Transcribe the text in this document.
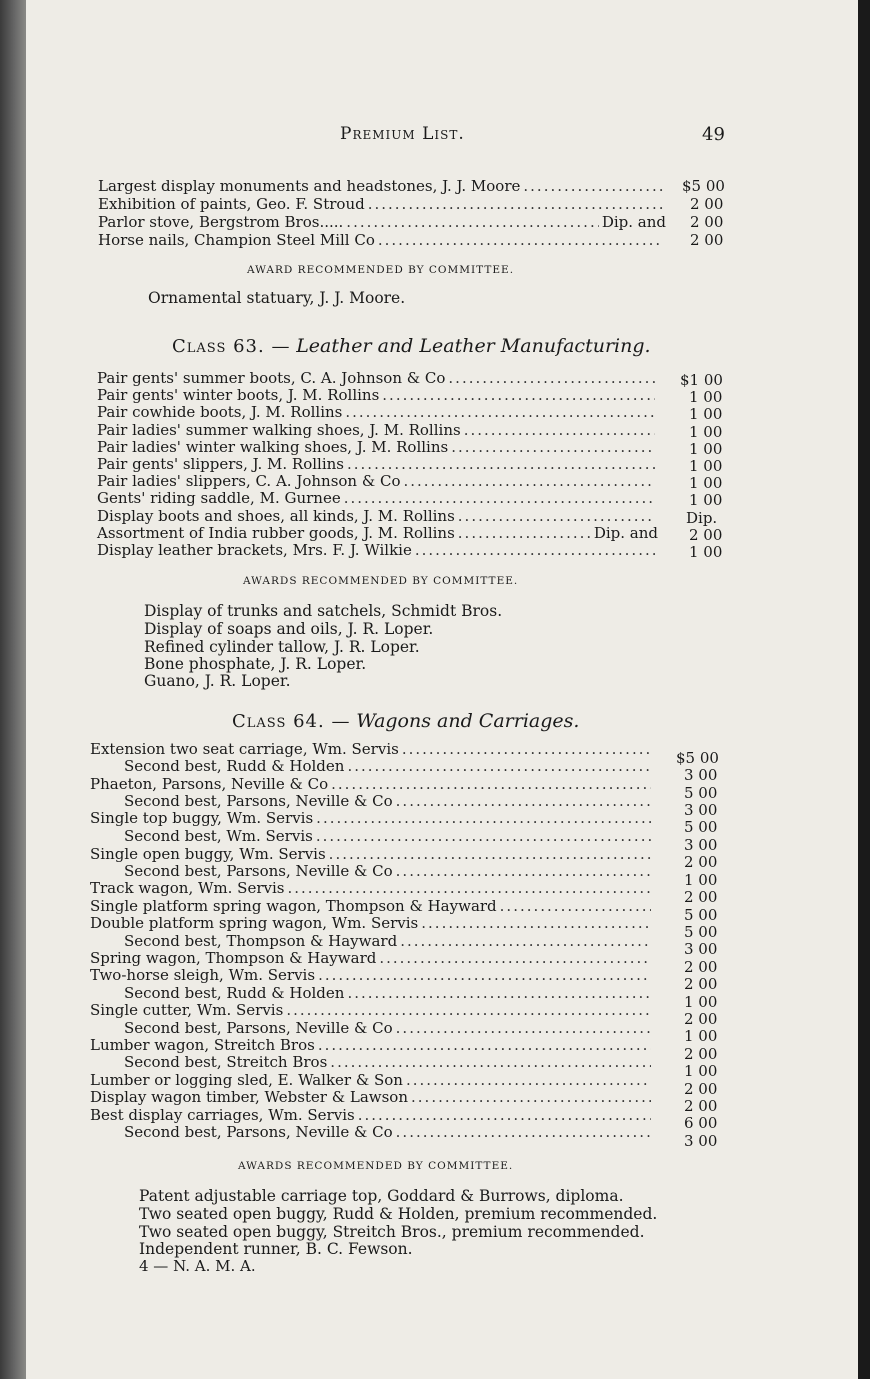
Premium List.	49
Largest display monuments and headstones, J. J. Moore .....	$5 00
Exhibition of paints, Geo. F. Stroud .....	2 00
Parlor stove, Bergstrom Bros..... .....	Dip. and 2 00
Horse nails, Champion Steel Mill Co .....	2 00
AWARD RECOMMENDED BY COMMITTEE.
Ornamental statuary, J. J. Moore.
Class 63. — Leather and Leather Manufacturing.
Pair gents' summer boots, C. A. Johnson & Co .....	$1 00
Pair gents' winter boots, J. M. Rollins .....	1 00
Pair cowhide boots, J. M. Rollins .....	1 00
Pair ladies' summer walking shoes, J. M. Rollins .....	1 00
Pair ladies' winter walking shoes, J. M. Rollins .....	1 00
Pair gents' slippers, J. M. Rollins .....	1 00
Pair ladies' slippers, C. A. Johnson & Co .....	1 00
Gents' riding saddle, M. Gurnee .....	1 00
Display boots and shoes, all kinds, J. M. Rollins .....	Dip.
Assortment of India rubber goods, J. M. Rollins .....	Dip. and 2 00
Display leather brackets, Mrs. F. J. Wilkie .....	1 00
AWARDS RECOMMENDED BY COMMITTEE.
Display of trunks and satchels, Schmidt Bros.
Display of soaps and oils, J. R. Loper.
Refined cylinder tallow, J. R. Loper.
Bone phosphate, J. R. Loper.
Guano, J. R. Loper.
Class 64. — Wagons and Carriages.
Extension two seat carriage, Wm. Servis .....	$5 00
Second best, Rudd & Holden .....	3 00
Phaeton, Parsons, Neville & Co .....	5 00
Second best, Parsons, Neville & Co .....	3 00
Single top buggy, Wm. Servis .....	5 00
Second best, Wm. Servis .....	3 00
Single open buggy, Wm. Servis .....	2 00
Second best, Parsons, Neville & Co .....	1 00
Track wagon, Wm. Servis .....	2 00
Single platform spring wagon, Thompson & Hayward .....	5 00
Double platform spring wagon, Wm. Servis .....	5 00
Second best, Thompson & Hayward .....	3 00
Spring wagon, Thompson & Hayward .....	2 00
Two-horse sleigh, Wm. Servis .....	2 00
Second best, Rudd & Holden .....	1 00
Single cutter, Wm. Servis .....	2 00
Second best, Parsons, Neville & Co .....	1 00
Lumber wagon, Streitch Bros .....	2 00
Second best, Streitch Bros .....	1 00
Lumber or logging sled, E. Walker & Son .....	2 00
Display wagon timber, Webster & Lawson .....	2 00
Best display carriages, Wm. Servis .....	6 00
Second best, Parsons, Neville & Co .....	3 00
AWARDS RECOMMENDED BY COMMITTEE.
Patent adjustable carriage top, Goddard & Burrows, diploma.
Two seated open buggy, Rudd & Holden, premium recommended.
Two seated open buggy, Streitch Bros., premium recommended.
Independent runner, B. C. Fewson.
4 — N. A. M. A.
